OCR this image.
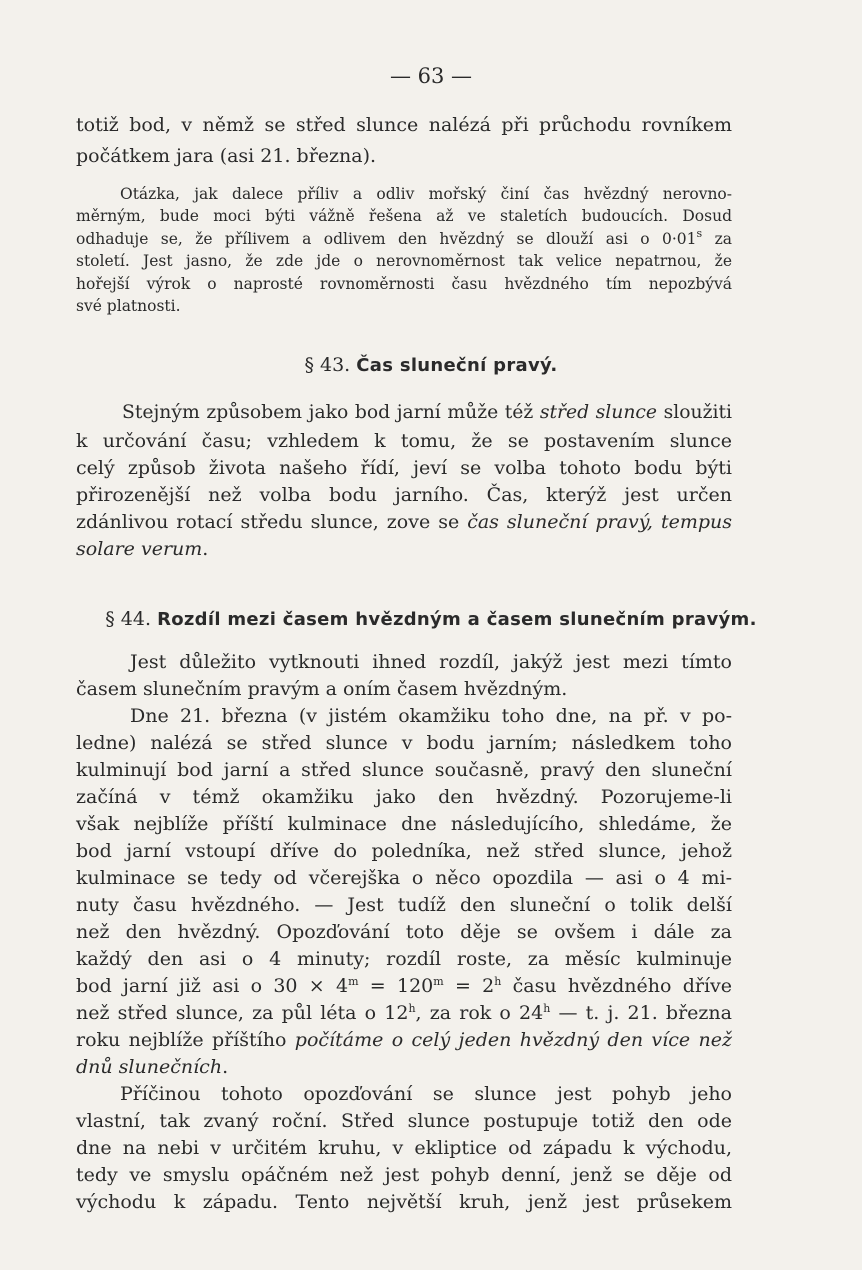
— 63 —
totiž bod, v němž se střed slunce nalézá při průchodu rovníkem
počátkem jara (asi 21. března).
Otázka, jak dalece příliv a odliv mořský činí čas hvězdný nerovno-
měrným, bude moci býti vážně řešena až ve staletích budoucích. Dosud
odhaduje se, že přílivem a odlivem den hvězdný se dlouží asi o $0\cdot 01^s$ za
století. Jest jasno, že zde jde o nerovnoměrnost tak velice nepatrnou, že
hořejší výrok o naprosté rovnoměrnosti času hvězdného tím nepozbývá
své platnosti.
§ 43. Čas sluneční pravý.
Stejným způsobem jako bod jarní může též střed slunce sloužiti
k určování času; vzhledem k tomu, že se postavením slunce
celý způsob života našeho řídí, jeví se volba tohoto bodu býti
přirozenější než volba bodu jarního. Čas, kterýž jest určen
zdánlivou rotací středu slunce, zove se čas sluneční pravý, tempus
solare verum.
§ 44. Rozdíl mezi časem hvězdným a časem slunečním pravým.
Jest důležito vytknouti ihned rozdíl, jakýž jest mezi tímto
časem slunečním pravým a oním časem hvězdným.
Dne 21. března (v jistém okamžiku toho dne, na př. v po-
ledne) nalézá se střed slunce v bodu jarním; následkem toho
kulminují bod jarní a střed slunce současně, pravý den sluneční
začíná v témž okamžiku jako den hvězdný. Pozorujeme-li
však nejblíže příští kulminace dne následujícího, shledáme, že
bod jarní vstoupí dříve do poledníka, než střed slunce, jehož
kulminace se tedy od včerejška o něco opozdila — asi o 4 mi-
nuty času hvězdného. — Jest tudíž den sluneční o tolik delší
než den hvězdný. Opozďování toto děje se ovšem i dále za
každý den asi o 4 minuty; rozdíl roste, za měsíc kulminuje
bod jarní již asi o $30 \times 4^m = 120^m = 2^h$ času hvězdného dříve
než střed slunce, za půl léta o 12$^h$, za rok o 24$^h$ — t. j. 21. března
roku nejblíže příštího počítáme o celý jeden hvězdný den více než
dnů slunečních.
Příčinou tohoto opozďování se slunce jest pohyb jeho
vlastní, tak zvaný roční. Střed slunce postupuje totiž den ode
dne na nebi v určitém kruhu, v ekliptice od západu k východu,
tedy ve smyslu opáčném než jest pohyb denní, jenž se děje od
východu k západu. Tento největší kruh, jenž jest průsekem
